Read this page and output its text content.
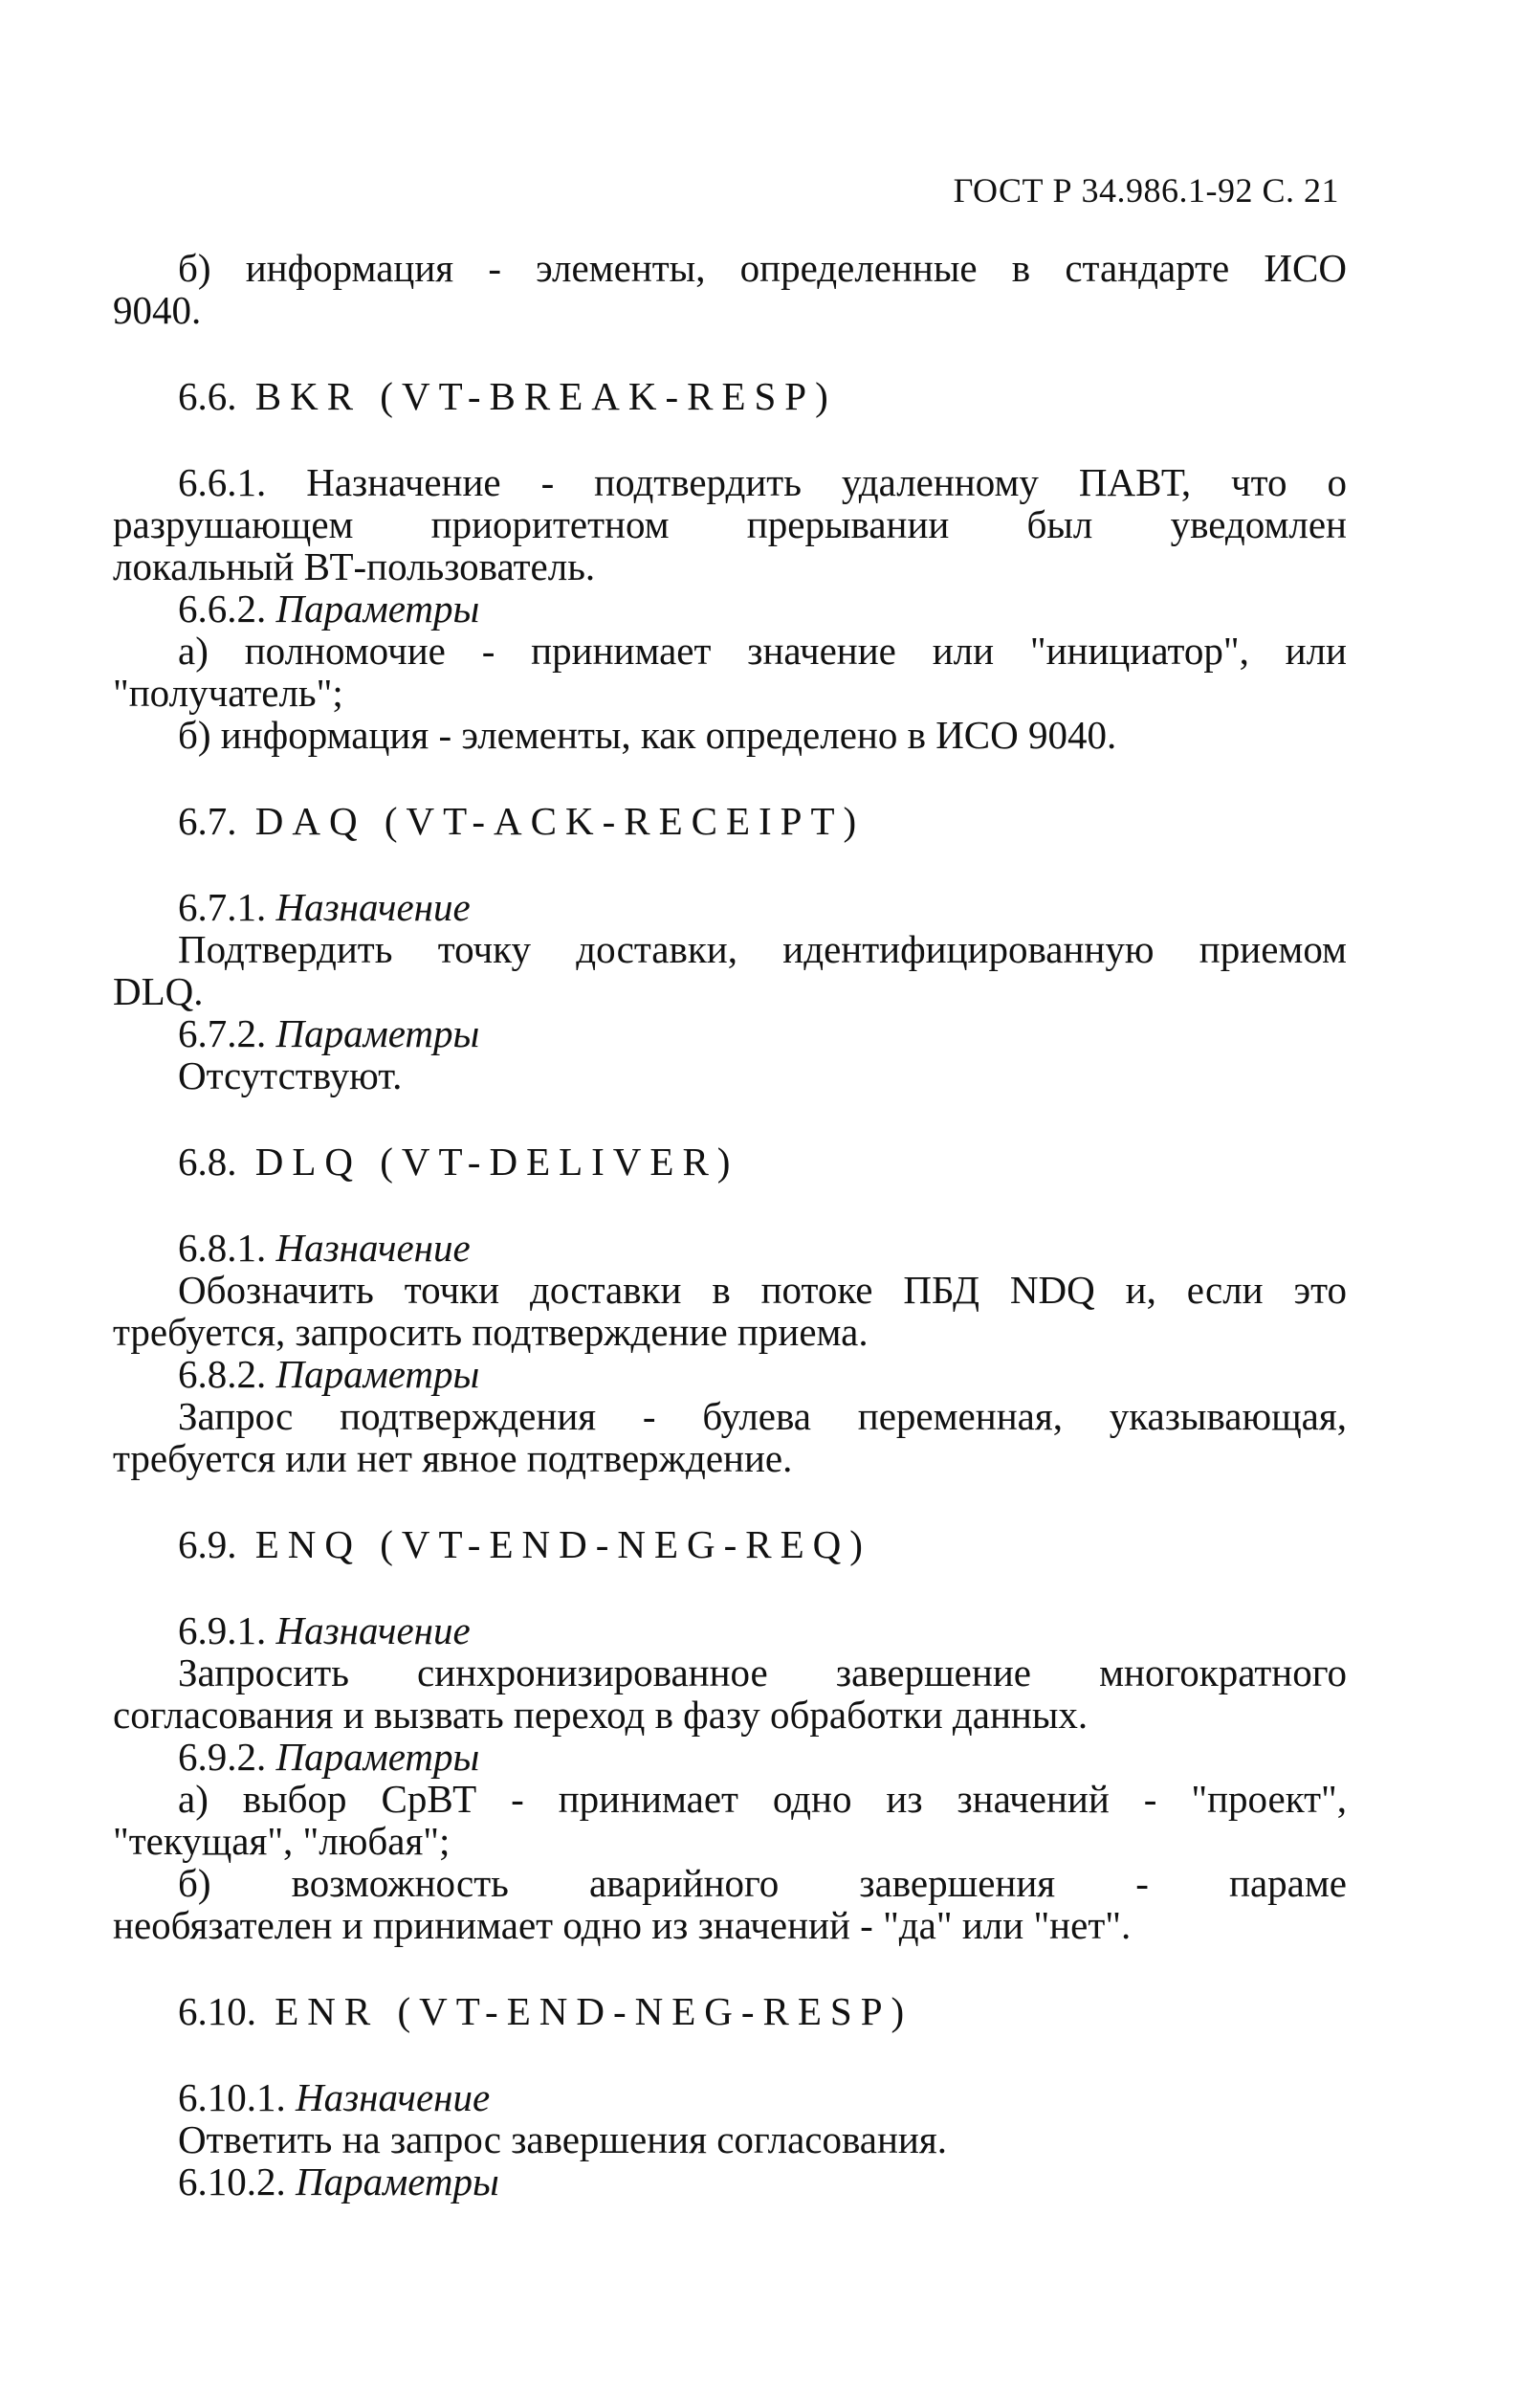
ГОСТ Р 34.986.1-92 С. 21

б) информация - элементы, определенные в стандарте ИСО

9040.

6.6. BKR (VT-BREAK-RESP)

6.6.1. Назначение - подтвердить удаленному ПАВТ, что о

разрушающем приоритетном прерывании был уведомлен

локальный ВТ-пользователь.

6.6.2. Параметры

а) полномочие - принимает значение или "инициатор", или

"получатель";

б) информация - элементы, как определено в ИСО 9040.

6.7. DAQ (VT-ACK-RECEIPT)

6.7.1. Назначение

Подтвердить точку доставки, идентифицированную приемом

DLQ.

6.7.2. Параметры

Отсутствуют.

6.8. DLQ (VT-DELIVER)

6.8.1. Назначение

Обозначить точки доставки в потоке ПБД NDQ и, если это

требуется, запросить подтверждение приема.

6.8.2. Параметры

Запрос подтверждения - булева переменная, указывающая,

требуется или нет явное подтверждение.

6.9. ENQ (VT-END-NEG-REQ)

6.9.1. Назначение

Запросить синхронизированное завершение многократного

согласования и вызвать переход в фазу обработки данных.

6.9.2. Параметры

а) выбор СрВТ - принимает одно из значений - "проект",

"текущая", "любая";

б) возможность аварийного завершения - параме

необязателен и принимает одно из значений - "да" или "нет".

6.10. ENR (VT-END-NEG-RESP)

6.10.1. Назначение

Ответить на запрос завершения согласования.

6.10.2. Параметры
